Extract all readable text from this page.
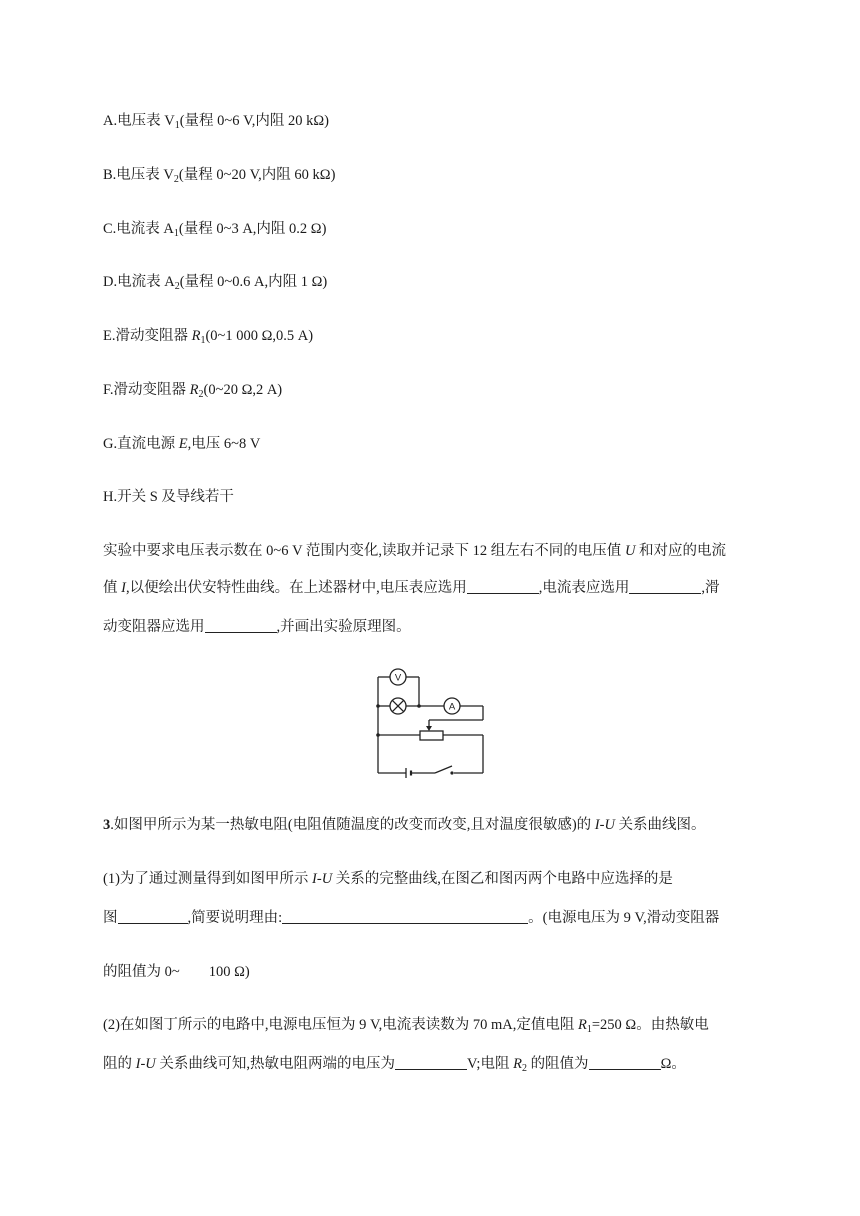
A.电压表 $V_1$(量程 0~6 V,内阻 20 kΩ)
B.电压表 $V_2$(量程 0~20 V,内阻 60 kΩ)
C.电流表 $A_1$(量程 0~3 A,内阻 0.2 Ω)
D.电流表 $A_2$(量程 0~0.6 A,内阻 1 Ω)
E.滑动变阻器 $R_1(0\sim 1$ 000 Ω,0.5 A)
F.滑动变阻器 $R_2(0\sim 20$ Ω,2 A)
G.直流电源 E,电压 6~8 V
H.开关 S 及导线若干
实验中要求电压表示数在 0~6 V 范围内变化,读取并记录下 12 组左右不同的电压值 U 和对应的电流
值 I,以便绘出伏安特性曲线。在上述器材中,电压表应选用	,电流表应选用	,滑
动变阻器应选用	,并画出实验原理图。
V
A
3.如图甲所示为某一热敏电阻(电阻值随温度的改变而改变,且对温度很敏感)的 I-U 关系曲线图。
(1)为了通过测量得到如图甲所示 I-U 关系的完整曲线,在图乙和图丙两个电路中应选择的是
图	,简要说明理由:	。(电源电压为 9 V,滑动变阻器
的阻值为 0~        100 Ω)
(2)在如图丁所示的电路中,电源电压恒为 9 V,电流表读数为 70 mA,定值电阻 $R_1=250$ Ω。由热敏电
阻的 I-U 关系曲线可知,热敏电阻两端的电压为	V;电阻 $R_2$ 的阻值为	Ω。
